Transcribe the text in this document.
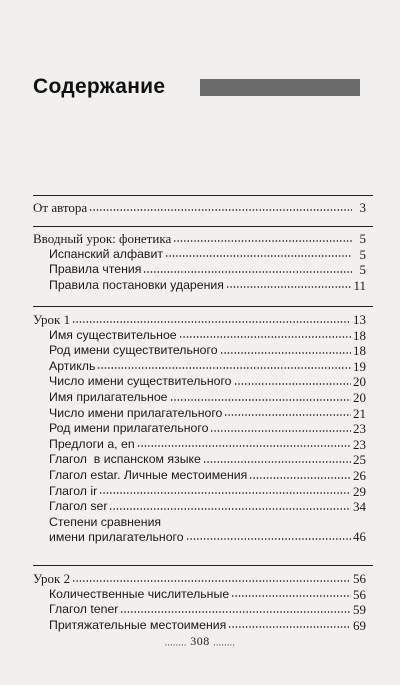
Содержание
От автора	3
Вводный урок: фонетика	5
Испанский алфавит	5
Правила чтения	5
Правила постановки ударения	11
Урок 1	13
Имя существительное	18
Род имени существительного	18
Артикль	19
Число имени существительного	20
Имя прилагательное	20
Число имени прилагательного	21
Род имени прилагательного	23
Предлоги a, en	23
Глагол  в испанском языке	25
Глагол estar. Личные местоимения	26
Глагол ir	29
Глагол ser	34
Степени сравнения
имени прилагательного	46
Урок 2	56
Количественные числительные	56
Глагол tener	59
Притяжательные местоимения	69
........ 308 ........
